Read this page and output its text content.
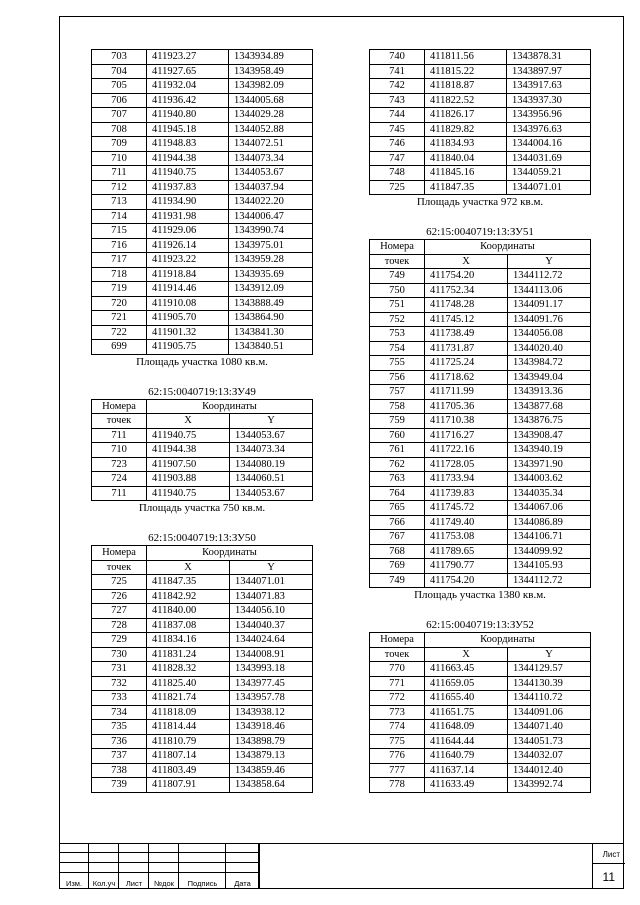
703	411923.27	1343934.89
704	411927.65	1343958.49
705	411932.04	1343982.09
706	411936.42	1344005.68
707	411940.80	1344029.28
708	411945.18	1344052.88
709	411948.83	1344072.51
710	411944.38	1344073.34
711	411940.75	1344053.67
712	411937.83	1344037.94
713	411934.90	1344022.20
714	411931.98	1344006.47
715	411929.06	1343990.74
716	411926.14	1343975.01
717	411923.22	1343959.28
718	411918.84	1343935.69
719	411914.46	1343912.09
720	411910.08	1343888.49
721	411905.70	1343864.90
722	411901.32	1343841.30
699	411905.75	1343840.51
Площадь участка 1080 кв.м.
62:15:0040719:13:ЗУ49
Номера	Координаты	
точек	X	Y
711	411940.75	1344053.67
710	411944.38	1344073.34
723	411907.50	1344080.19
724	411903.88	1344060.51
711	411940.75	1344053.67
Площадь участка 750 кв.м.
62:15:0040719:13:ЗУ50
Номера	Координаты	
точек	X	Y
725	411847.35	1344071.01
726	411842.92	1344071.83
727	411840.00	1344056.10
728	411837.08	1344040.37
729	411834.16	1344024.64
730	411831.24	1344008.91
731	411828.32	1343993.18
732	411825.40	1343977.45
733	411821.74	1343957.78
734	411818.09	1343938.12
735	411814.44	1343918.46
736	411810.79	1343898.79
737	411807.14	1343879.13
738	411803.49	1343859.46
739	411807.91	1343858.64
740	411811.56	1343878.31
741	411815.22	1343897.97
742	411818.87	1343917.63
743	411822.52	1343937.30
744	411826.17	1343956.96
745	411829.82	1343976.63
746	411834.93	1344004.16
747	411840.04	1344031.69
748	411845.16	1344059.21
725	411847.35	1344071.01
Площадь участка 972 кв.м.
62:15:0040719:13:ЗУ51
Номера	Координаты	
точек	X	Y
749	411754.20	1344112.72
750	411752.34	1344113.06
751	411748.28	1344091.17
752	411745.12	1344091.76
753	411738.49	1344056.08
754	411731.87	1344020.40
755	411725.24	1343984.72
756	411718.62	1343949.04
757	411711.99	1343913.36
758	411705.36	1343877.68
759	411710.38	1343876.75
760	411716.27	1343908.47
761	411722.16	1343940.19
762	411728.05	1343971.90
763	411733.94	1344003.62
764	411739.83	1344035.34
765	411745.72	1344067.06
766	411749.40	1344086.89
767	411753.08	1344106.71
768	411789.65	1344099.92
769	411790.77	1344105.93
749	411754.20	1344112.72
Площадь участка 1380 кв.м.
62:15:0040719:13:ЗУ52
Номера	Координаты	
точек	X	Y
770	411663.45	1344129.57
771	411659.05	1344130.39
772	411655.40	1344110.72
773	411651.75	1344091.06
774	411648.09	1344071.40
775	411644.44	1344051.73
776	411640.79	1344032.07
777	411637.14	1344012.40
778	411633.49	1343992.74
Изм.	Кол.уч	Лист	№док	Подпись	Дата
Лист
11
